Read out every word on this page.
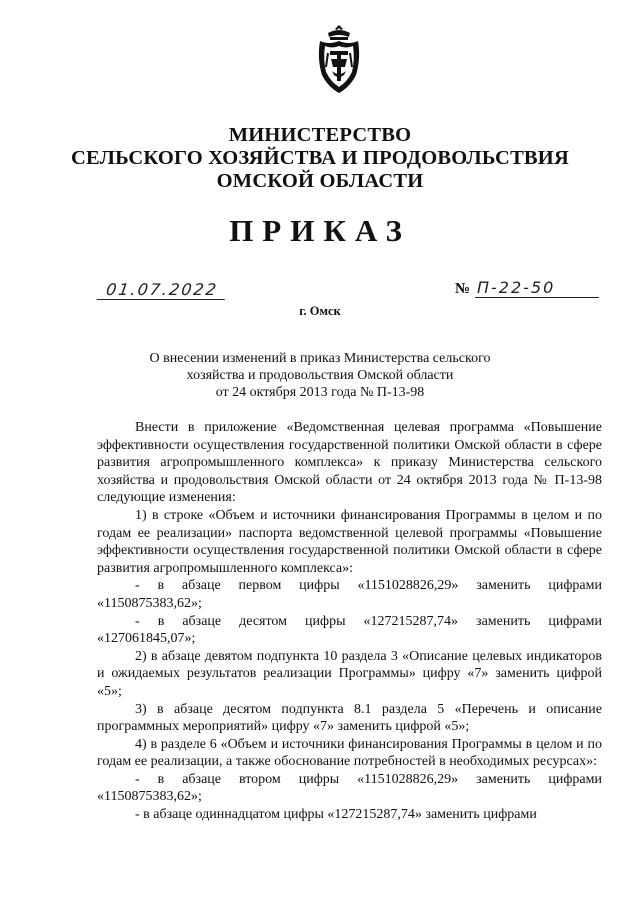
МИНИСТЕРСТВО
СЕЛЬСКОГО ХОЗЯЙСТВА И ПРОДОВОЛЬСТВИЯ
ОМСКОЙ ОБЛАСТИ
ПРИКАЗ
01.07.2022	№ П-22-50
г. Омск
О внесении изменений в приказ Министерства сельского
хозяйства и продовольствия Омской области
от 24 октября 2013 года № П-13-98

Внести в приложение «Ведомственная целевая программа «Повышение эффективности осуществления государственной политики Омской области в сфере развития агропромышленного комплекса» к приказу Министерства сельского хозяйства и продовольствия Омской области от 24 октября 2013 года № П-13-98 следующие изменения:

1) в строке «Объем и источники финансирования Программы в целом и по годам ее реализации» паспорта ведомственной целевой программы «Повышение эффективности осуществления государственной политики Омской области в сфере развития агропромышленного комплекса»:

- в абзаце первом цифры «1151028826,29» заменить цифрами «1150875383,62»;

- в абзаце десятом цифры «127215287,74» заменить цифрами «127061845,07»;

2) в абзаце девятом подпункта 10 раздела 3 «Описание целевых индикаторов и ожидаемых результатов реализации Программы» цифру «7» заменить цифрой «5»;

3) в абзаце десятом подпункта 8.1 раздела 5 «Перечень и описание программных мероприятий» цифру «7» заменить цифрой «5»;

4) в разделе 6 «Объем и источники финансирования Программы в целом и по годам ее реализации, а также обоснование потребностей в необходимых ресурсах»:

- в абзаце втором цифры «1151028826,29» заменить цифрами «1150875383,62»;

- в абзаце одиннадцатом цифры «127215287,74» заменить цифрами
